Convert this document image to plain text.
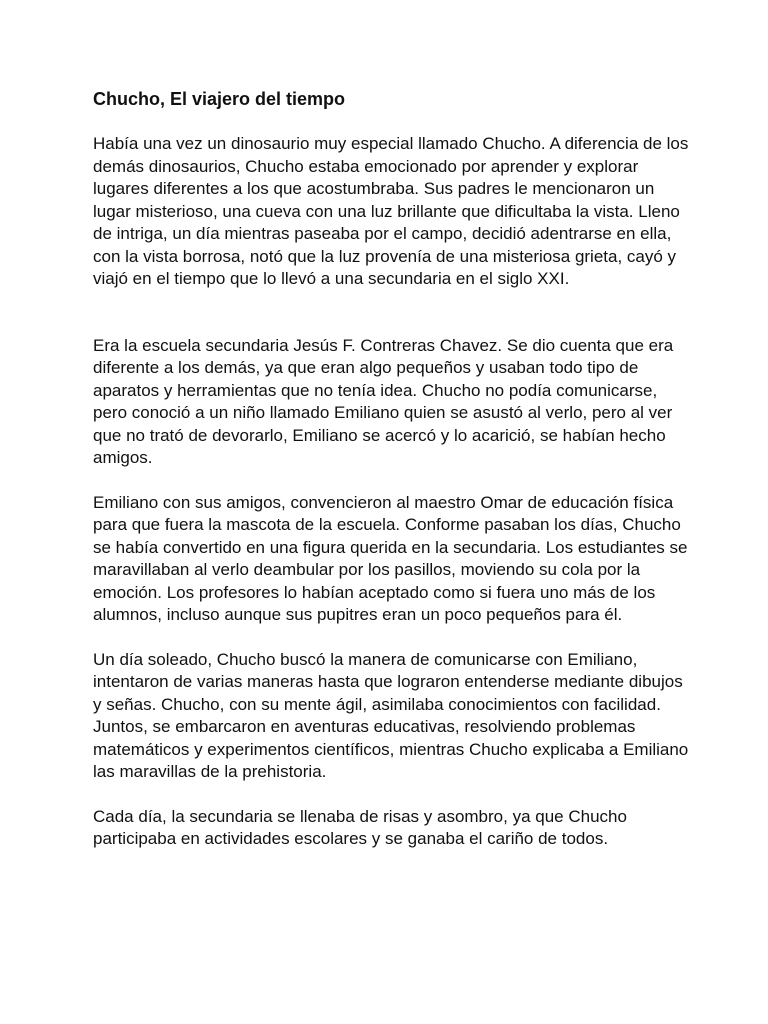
Chucho, El viajero del tiempo

Había una vez un dinosaurio muy especial llamado Chucho. A diferencia de los demás dinosaurios, Chucho estaba emocionado por aprender y explorar lugares diferentes a los que acostumbraba. Sus padres le mencionaron un lugar misterioso, una cueva con una luz brillante que dificultaba la vista. Lleno de intriga, un día mientras paseaba por el campo, decidió adentrarse en ella, con la vista borrosa, notó que la luz provenía de una misteriosa grieta, cayó y viajó en el tiempo que lo llevó a una secundaria en el siglo XXI.

Era la escuela secundaria Jesús F. Contreras Chavez. Se dio cuenta que era diferente a los demás, ya que eran algo pequeños y usaban todo tipo de aparatos y herramientas que no tenía idea. Chucho no podía comunicarse, pero conoció a un niño llamado Emiliano quien se asustó al verlo, pero al ver que no trató de devorarlo, Emiliano se acercó y lo acarició, se habían hecho amigos.

Emiliano con sus amigos, convencieron al maestro Omar de educación física para que fuera la mascota de la escuela. Conforme pasaban los días, Chucho se había convertido en una figura querida en la secundaria. Los estudiantes se maravillaban al verlo deambular por los pasillos, moviendo su cola por la emoción. Los profesores lo habían aceptado como si fuera uno más de los alumnos, incluso aunque sus pupitres eran un poco pequeños para él.

Un día soleado, Chucho buscó la manera de comunicarse con Emiliano, intentaron de varias maneras hasta que lograron entenderse mediante dibujos y señas. Chucho, con su mente ágil, asimilaba conocimientos con facilidad. Juntos, se embarcaron en aventuras educativas, resolviendo problemas matemáticos y experimentos científicos, mientras Chucho explicaba a Emiliano las maravillas de la prehistoria.

Cada día, la secundaria se llenaba de risas y asombro, ya que Chucho participaba en actividades escolares y se ganaba el cariño de todos.
